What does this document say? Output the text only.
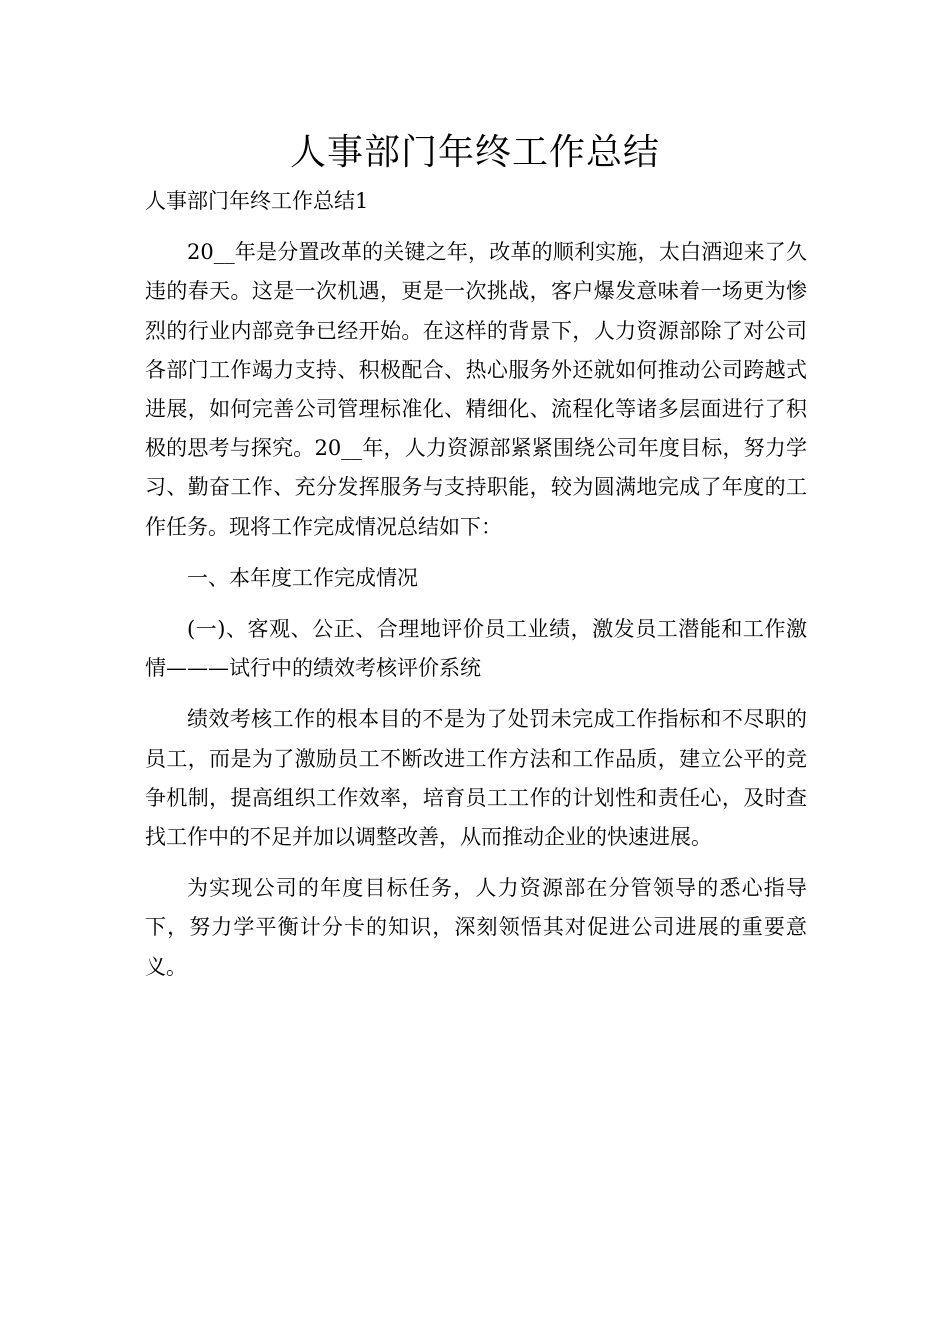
人事部门年终工作总结

人事部门年终工作总结1

20__年是分置改革的关键之年，改革的顺利实施，太白酒迎来了久违的春天。这是一次机遇，更是一次挑战，客户爆发意味着一场更为惨烈的行业内部竞争已经开始。在这样的背景下，人力资源部除了对公司各部门工作竭力支持、积极配合、热心服务外还就如何推动公司跨越式进展，如何完善公司管理标准化、精细化、流程化等诸多层面进行了积极的思考与探究。20__年，人力资源部紧紧围绕公司年度目标，努力学习、勤奋工作、充分发挥服务与支持职能，较为圆满地完成了年度的工作任务。现将工作完成情况总结如下：

一、本年度工作完成情况

(一)、客观、公正、合理地评价员工业绩，激发员工潜能和工作激情———试行中的绩效考核评价系统

绩效考核工作的根本目的不是为了处罚未完成工作指标和不尽职的员工，而是为了激励员工不断改进工作方法和工作品质，建立公平的竞争机制，提高组织工作效率，培育员工工作的计划性和责任心，及时查找工作中的不足并加以调整改善，从而推动企业的快速进展。

为实现公司的年度目标任务，人力资源部在分管领导的悉心指导下，努力学平衡计分卡的知识，深刻领悟其对促进公司进展的重要意义。
